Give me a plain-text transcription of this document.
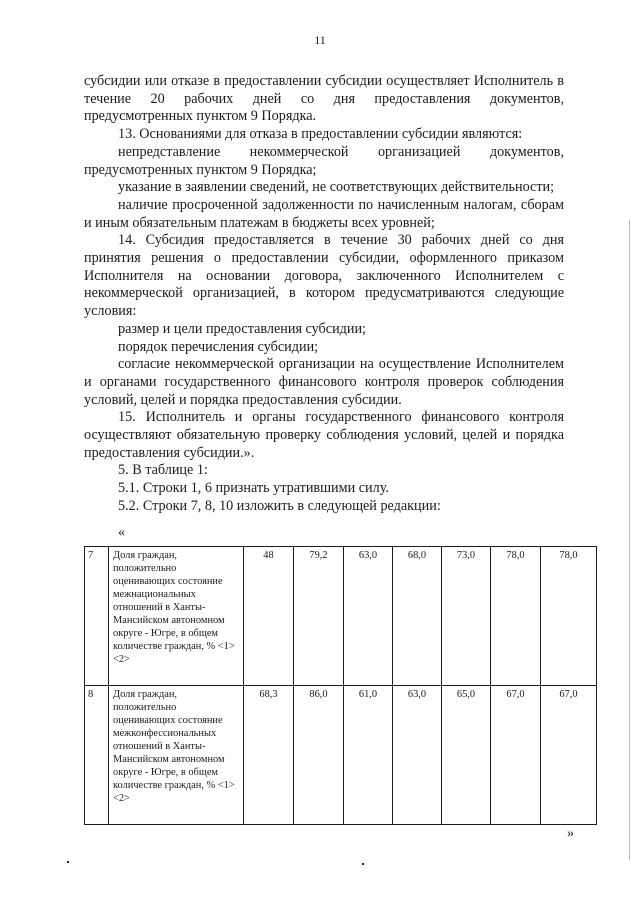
11

субсидии или отказе в предоставлении субсидии осуществляет Исполнитель в течение 20 рабочих дней со дня предоставления документов, предусмотренных пунктом 9 Порядка.

13. Основаниями для отказа в предоставлении субсидии являются:

непредставление некоммерческой организацией документов, предусмотренных пунктом 9 Порядка;

указание в заявлении сведений, не соответствующих действительности;

наличие просроченной задолженности по начисленным налогам, сборам и иным обязательным платежам в бюджеты всех уровней;

14. Субсидия предоставляется в течение 30 рабочих дней со дня принятия решения о предоставлении субсидии, оформленного приказом Исполнителя на основании договора, заключенного Исполнителем с некоммерческой организацией, в котором предусматриваются следующие условия:

размер и цели предоставления субсидии;

порядок перечисления субсидии;

согласие некоммерческой организации на осуществление Исполнителем и органами государственного финансового контроля проверок соблюдения условий, целей и порядка предоставления субсидии.

15. Исполнитель и органы государственного финансового контроля осуществляют обязательную проверку соблюдения условий, целей и порядка предоставления субсидии.».

5. В таблице 1:

5.1. Строки 1, 6 признать утратившими силу.

5.2. Строки 7, 8, 10 изложить в следующей редакции:

«
7	Доля граждан, положительно оценивающих состояние межнациональных отношений в Ханты-Мансийском автономном округе - Югре, в общем количестве граждан, % <1> <2>	48	79,2	63,0	68,0	73,0	78,0	78,0
8	Доля граждан, положительно оценивающих состояние межконфессиональных отношений в Ханты-Мансийском автономном округе - Югре, в общем количестве граждан, % <1> <2>	68,3	86,0	61,0	63,0	65,0	67,0	67,0
»
